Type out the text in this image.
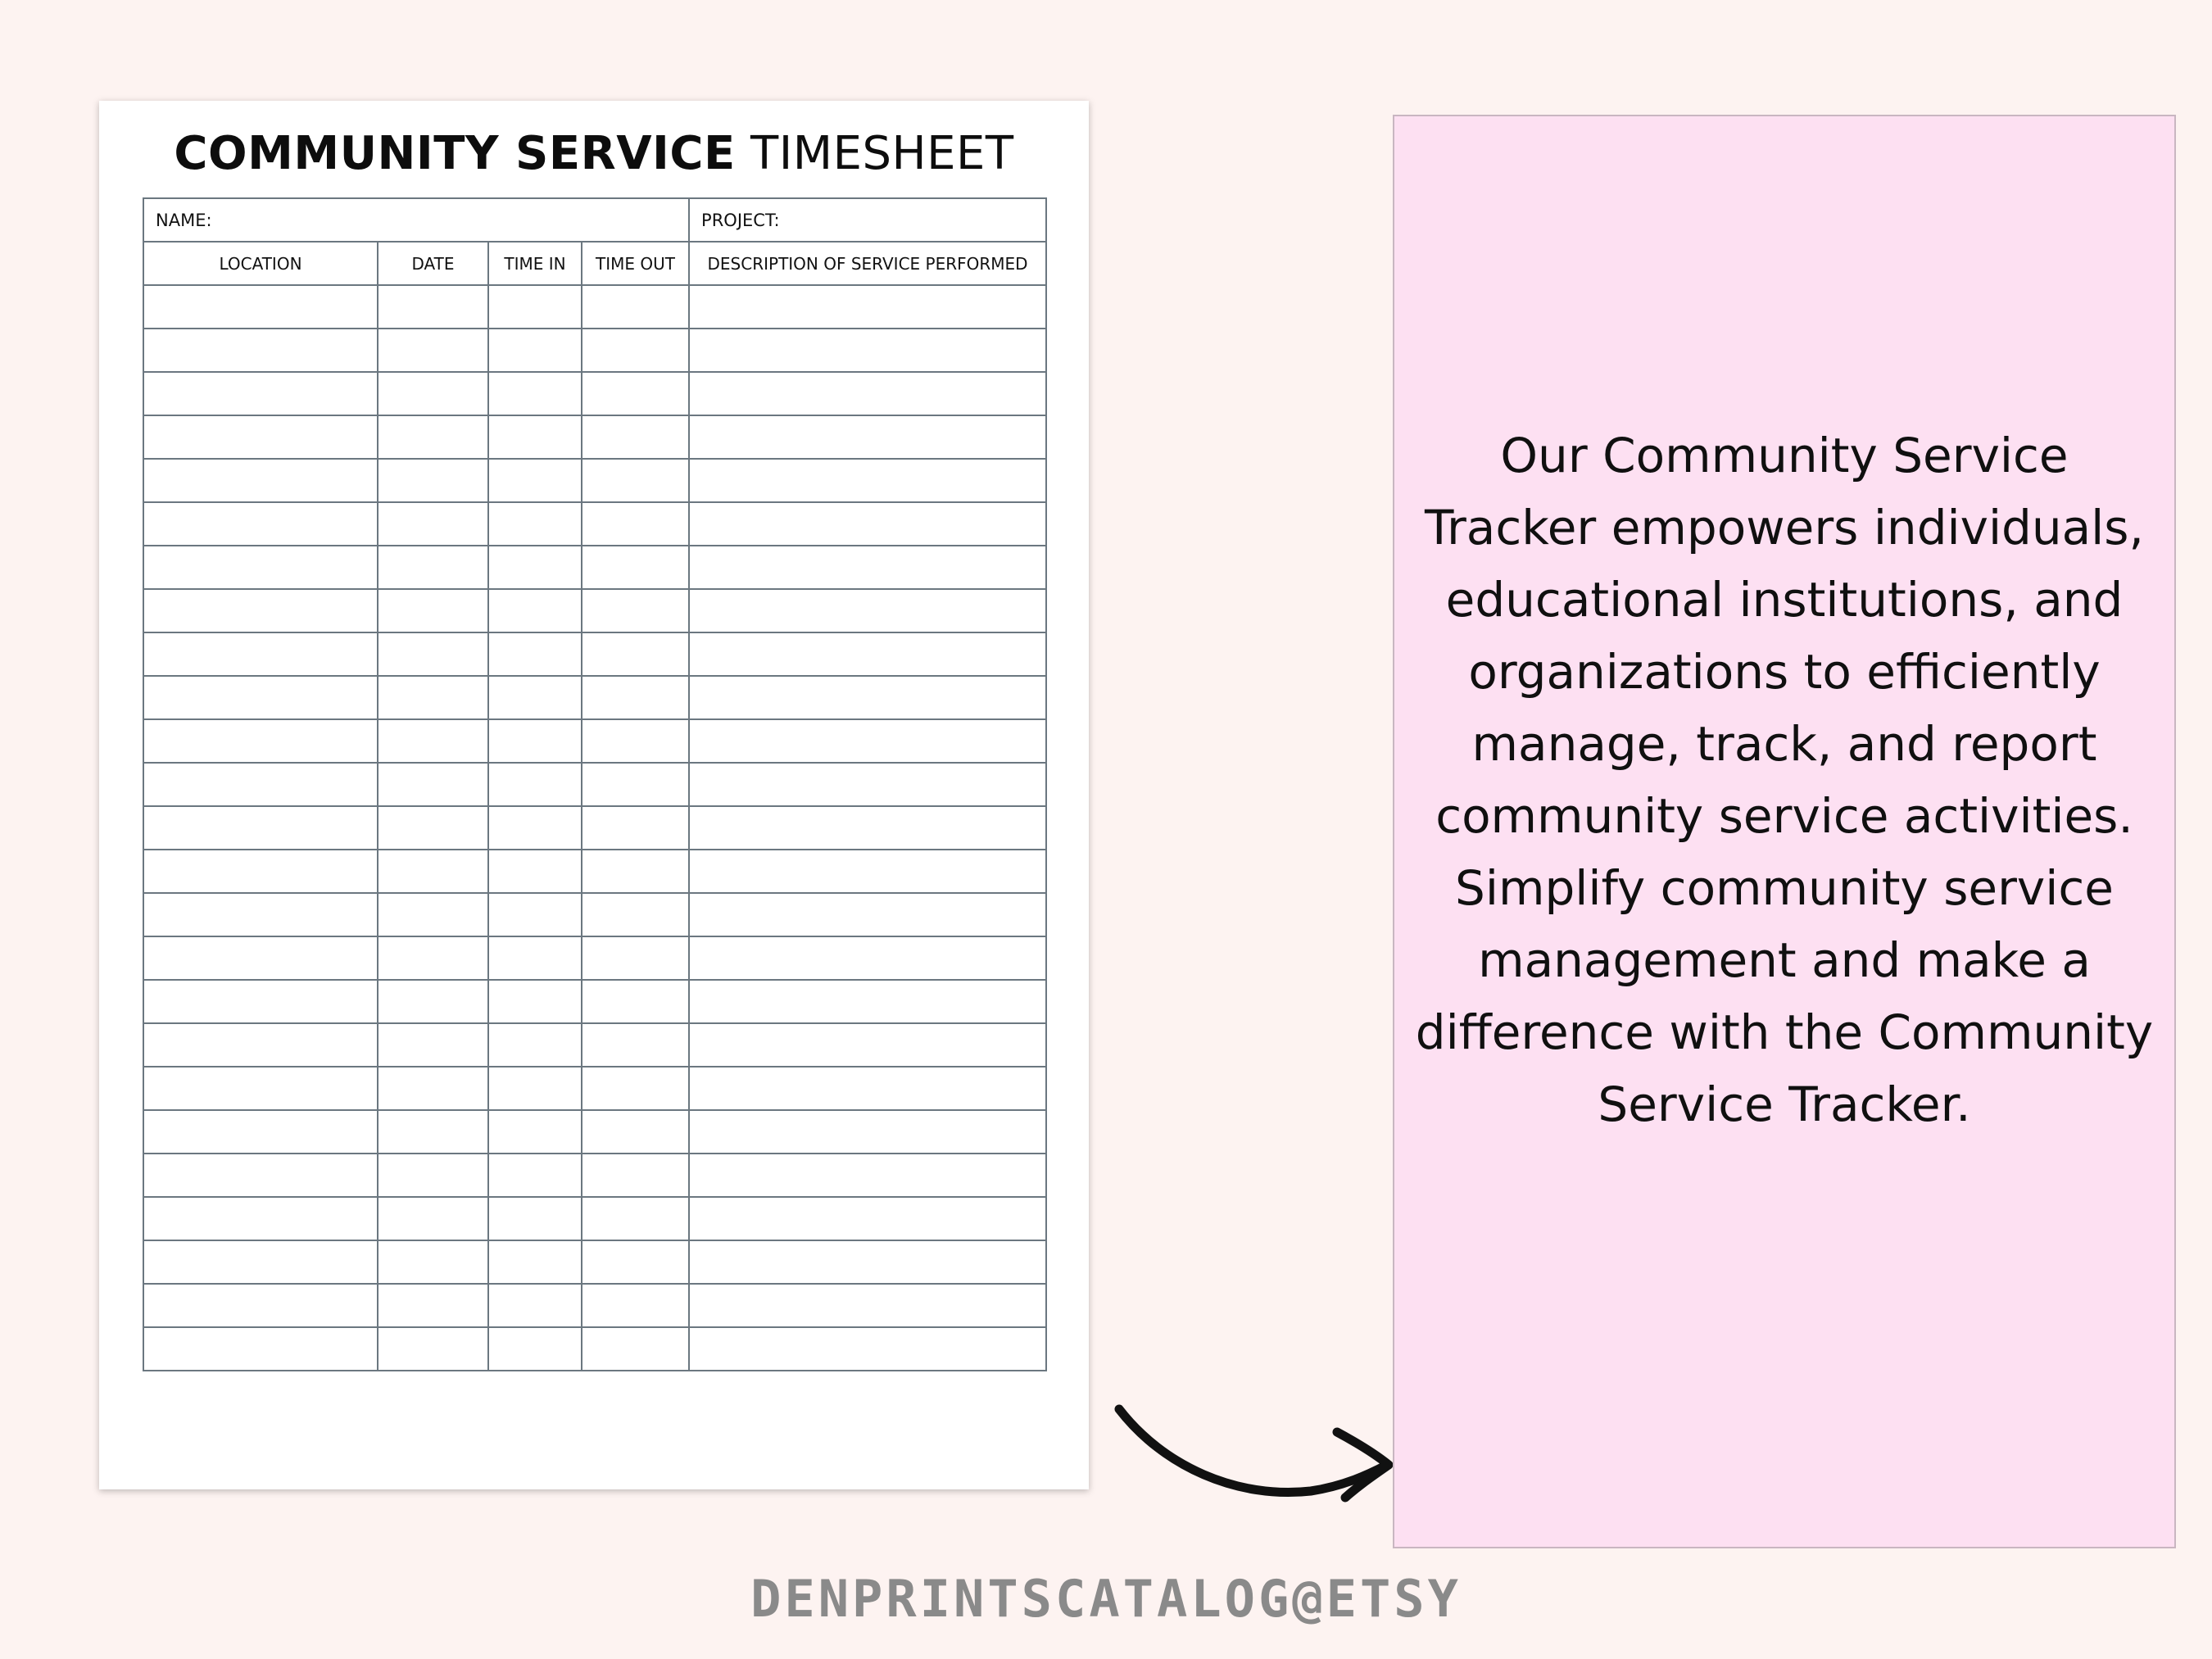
COMMUNITY SERVICE TIMESHEET
NAME:				PROJECT:
LOCATION	DATE	TIME IN	TIME OUT	DESCRIPTION OF SERVICE PERFORMED

Our Community Service Tracker empowers individuals, educational institutions, and organizations to efficiently manage, track, and report community service activities. Simplify community service management and make a difference with the Community Service Tracker.
DENPRINTSCATALOG@ETSY
